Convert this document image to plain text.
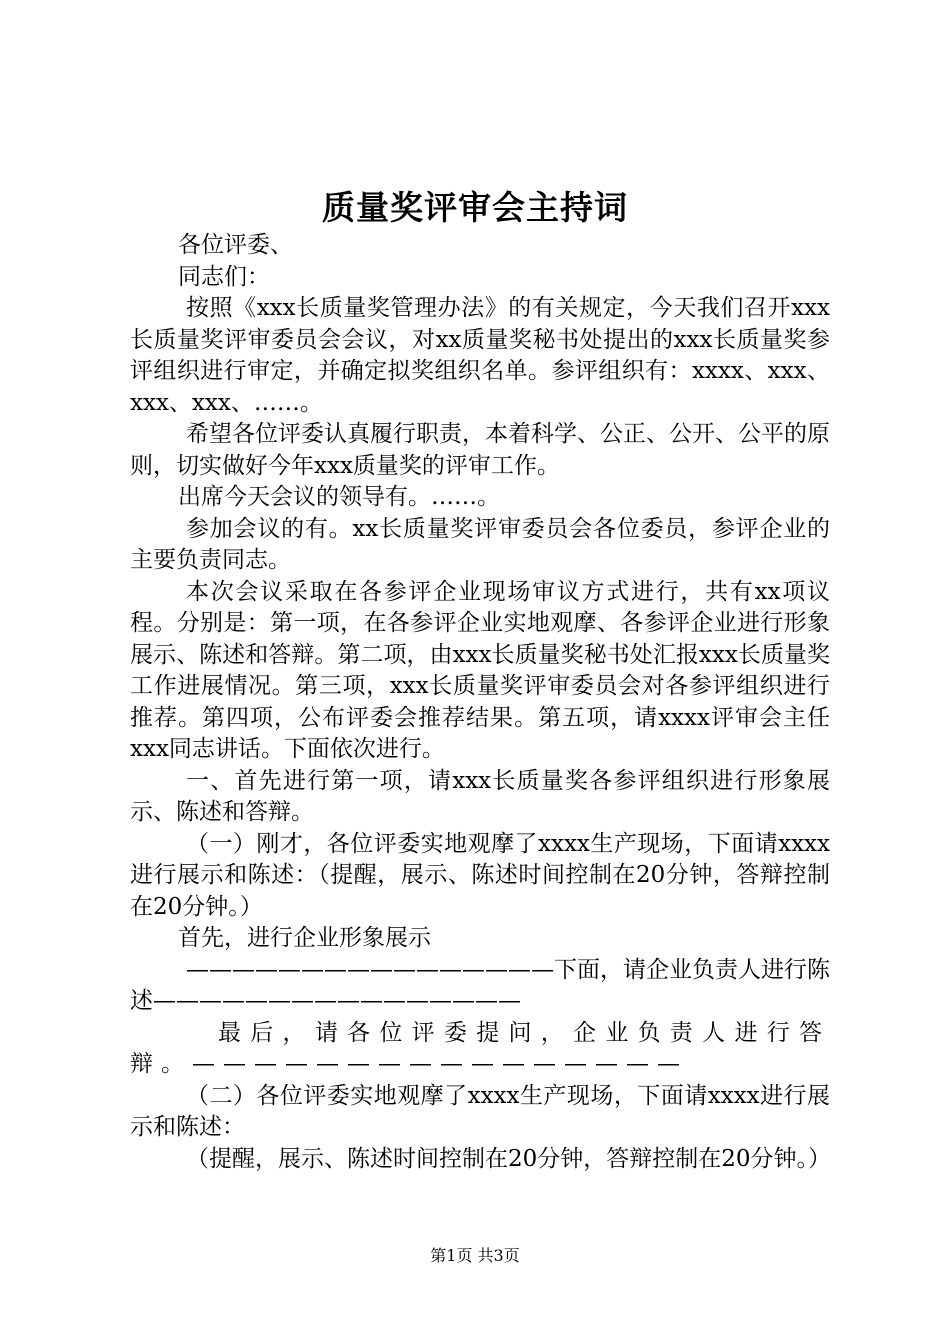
质量奖评审会主持词

各位评委、

同志们：

按照《xxx长质量奖管理办法》的有关规定，今天我们召开xxx长质量奖评审委员会会议，对xx质量奖秘书处提出的xxx长质量奖参评组织进行审定，并确定拟奖组织名单。参评组织有：xxxx、xxx、xxx、xxx、……。

希望各位评委认真履行职责，本着科学、公正、公开、公平的原则，切实做好今年xxx质量奖的评审工作。

出席今天会议的领导有。……。

参加会议的有。xx长质量奖评审委员会各位委员，参评企业的主要负责同志。

本次会议采取在各参评企业现场审议方式进行，共有xx项议程。分别是：第一项，在各参评企业实地观摩、各参评企业进行形象展示、陈述和答辩。第二项，由xxx长质量奖秘书处汇报xxx长质量奖工作进展情况。第三项，xxx长质量奖评审委员会对各参评组织进行推荐。第四项，公布评委会推荐结果。第五项，请xxxx评审会主任xxx同志讲话。下面依次进行。

一、首先进行第一项，请xxx长质量奖各参评组织进行形象展示、陈述和答辩。

（一）刚才，各位评委实地观摩了xxxx生产现场，下面请xxxx进行展示和陈述：（提醒，展示、陈述时间控制在20分钟，答辩控制在20分钟。）

首先，进行企业形象展示

————————————————下面，请企业负责人进行陈述————————————————

最后，请各位评委提问，企业负责人进行答辩。————————————————

（二）各位评委实地观摩了xxxx生产现场，下面请xxxx进行展示和陈述：

（提醒，展示、陈述时间控制在20分钟，答辩控制在20分钟。）

第1页 共3页
